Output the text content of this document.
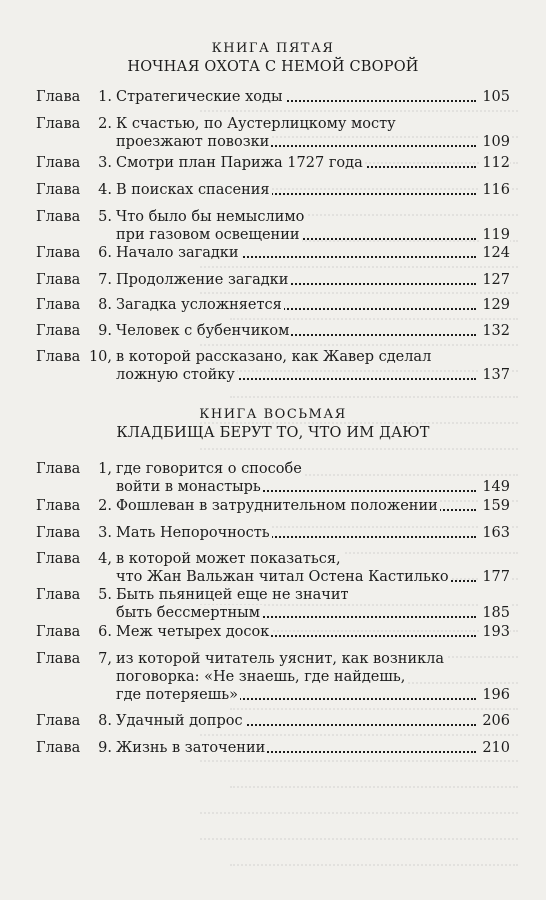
КНИГА ПЯТАЯ
НОЧНАЯ ОХОТА С НЕМОЙ СВОРОЙ
Глава	1. Стратегические ходы	105
Глава	2. К счастью, по Аустерлицкому мосту
проезжают повозки	109
Глава	3. Смотри план Парижа 1727 года	112
Глава	4. В поисках спасения	116
Глава	5. Что было бы немыслимо
при газовом освещении	119
Глава	6. Начало загадки	124
Глава	7. Продолжение загадки	127
Глава	8. Загадка усложняется	129
Глава	9. Человек с бубенчиком	132
Глава 10, в которой рассказано, как Жавер сделал
ложную стойку	137
КНИГА ВОСЬМАЯ
КЛАДБИЩА БЕРУТ ТО, ЧТО ИМ ДАЮТ
Глава	1, где говорится о способе
войти в монастырь	149
Глава	2. Фошлеван в затруднительном положении	159
Глава	3. Мать Непорочность	163
Глава	4, в которой может показаться,
что Жан Вальжан читал Остена Кастилько 177
Глава	5. Быть пьяницей еще не значит
быть бессмертным	185
Глава	6. Меж четырех досок	193
Глава	7, из которой читатель уяснит, как возникла
поговорка: «Не знаешь, где найдешь,
где потеряешь»	196
Глава	8. Удачный допрос	206
Глава	9. Жизнь в заточении	210
